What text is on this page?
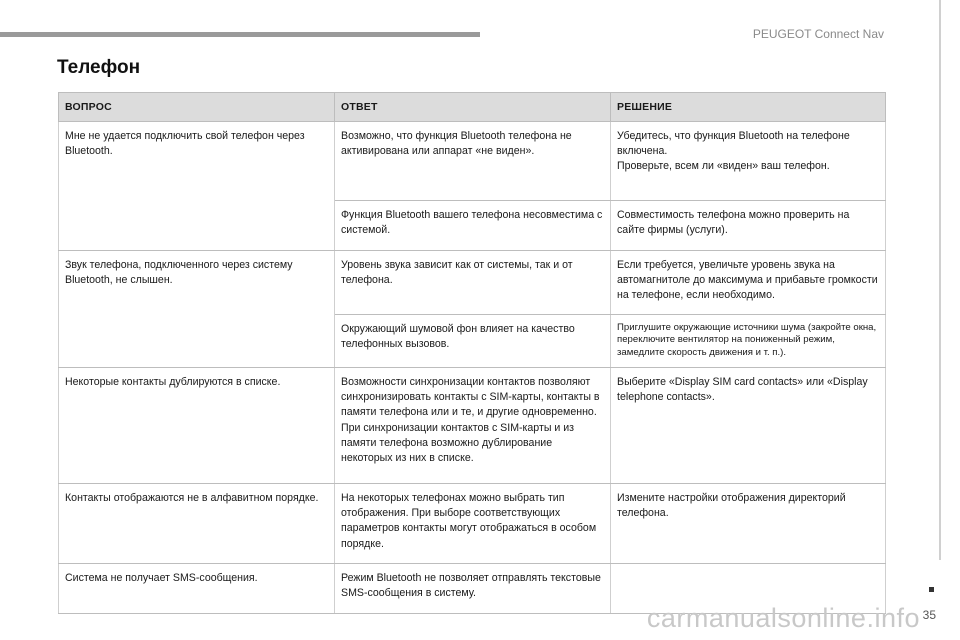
PEUGEOT Connect Nav
Телефон
ВОПРОС	ОТВЕТ	РЕШЕНИЕ
Мне не удается подключить свой телефон через Bluetooth.	Возможно, что функция Bluetooth телефона не активирована или аппарат «не виден».	Убедитесь, что функция Bluetooth на телефоне включена.
Проверьте, всем ли «виден» ваш телефон.
	Функция Bluetooth вашего телефона несовместима с системой.	Совместимость телефона можно проверить на сайте фирмы (услуги).
Звук телефона, подключенного через систему Bluetooth, не слышен.	Уровень звука зависит как от системы, так и от телефона.	Если требуется, увеличьте уровень звука на автомагнитоле до максимума и прибавьте громкости на телефоне, если необходимо.
	Окружающий шумовой фон влияет на качество телефонных вызовов.	Приглушите окружающие источники шума (закройте окна, переключите вентилятор на пониженный режим, замедлите скорость движения и т. п.).
Некоторые контакты дублируются в списке.	Возможности синхронизации контактов позволяют синхронизировать контакты с SIM-карты, контакты в памяти телефона или и те, и другие одновременно. При синхронизации контактов с SIM-карты и из памяти телефона возможно дублирование некоторых из них в списке.	Выберите «Display SIM card contacts» или «Display telephone contacts».
Контакты отображаются не в алфавитном порядке.	На некоторых телефонах можно выбрать тип отображения. При выборе соответствующих параметров контакты могут отображаться в особом порядке.	Измените настройки отображения директорий телефона.
Система не получает SMS-сообщения.	Режим Bluetooth не позволяет отправлять текстовые SMS-сообщения в систему.	
35
carmanualsonline.info
